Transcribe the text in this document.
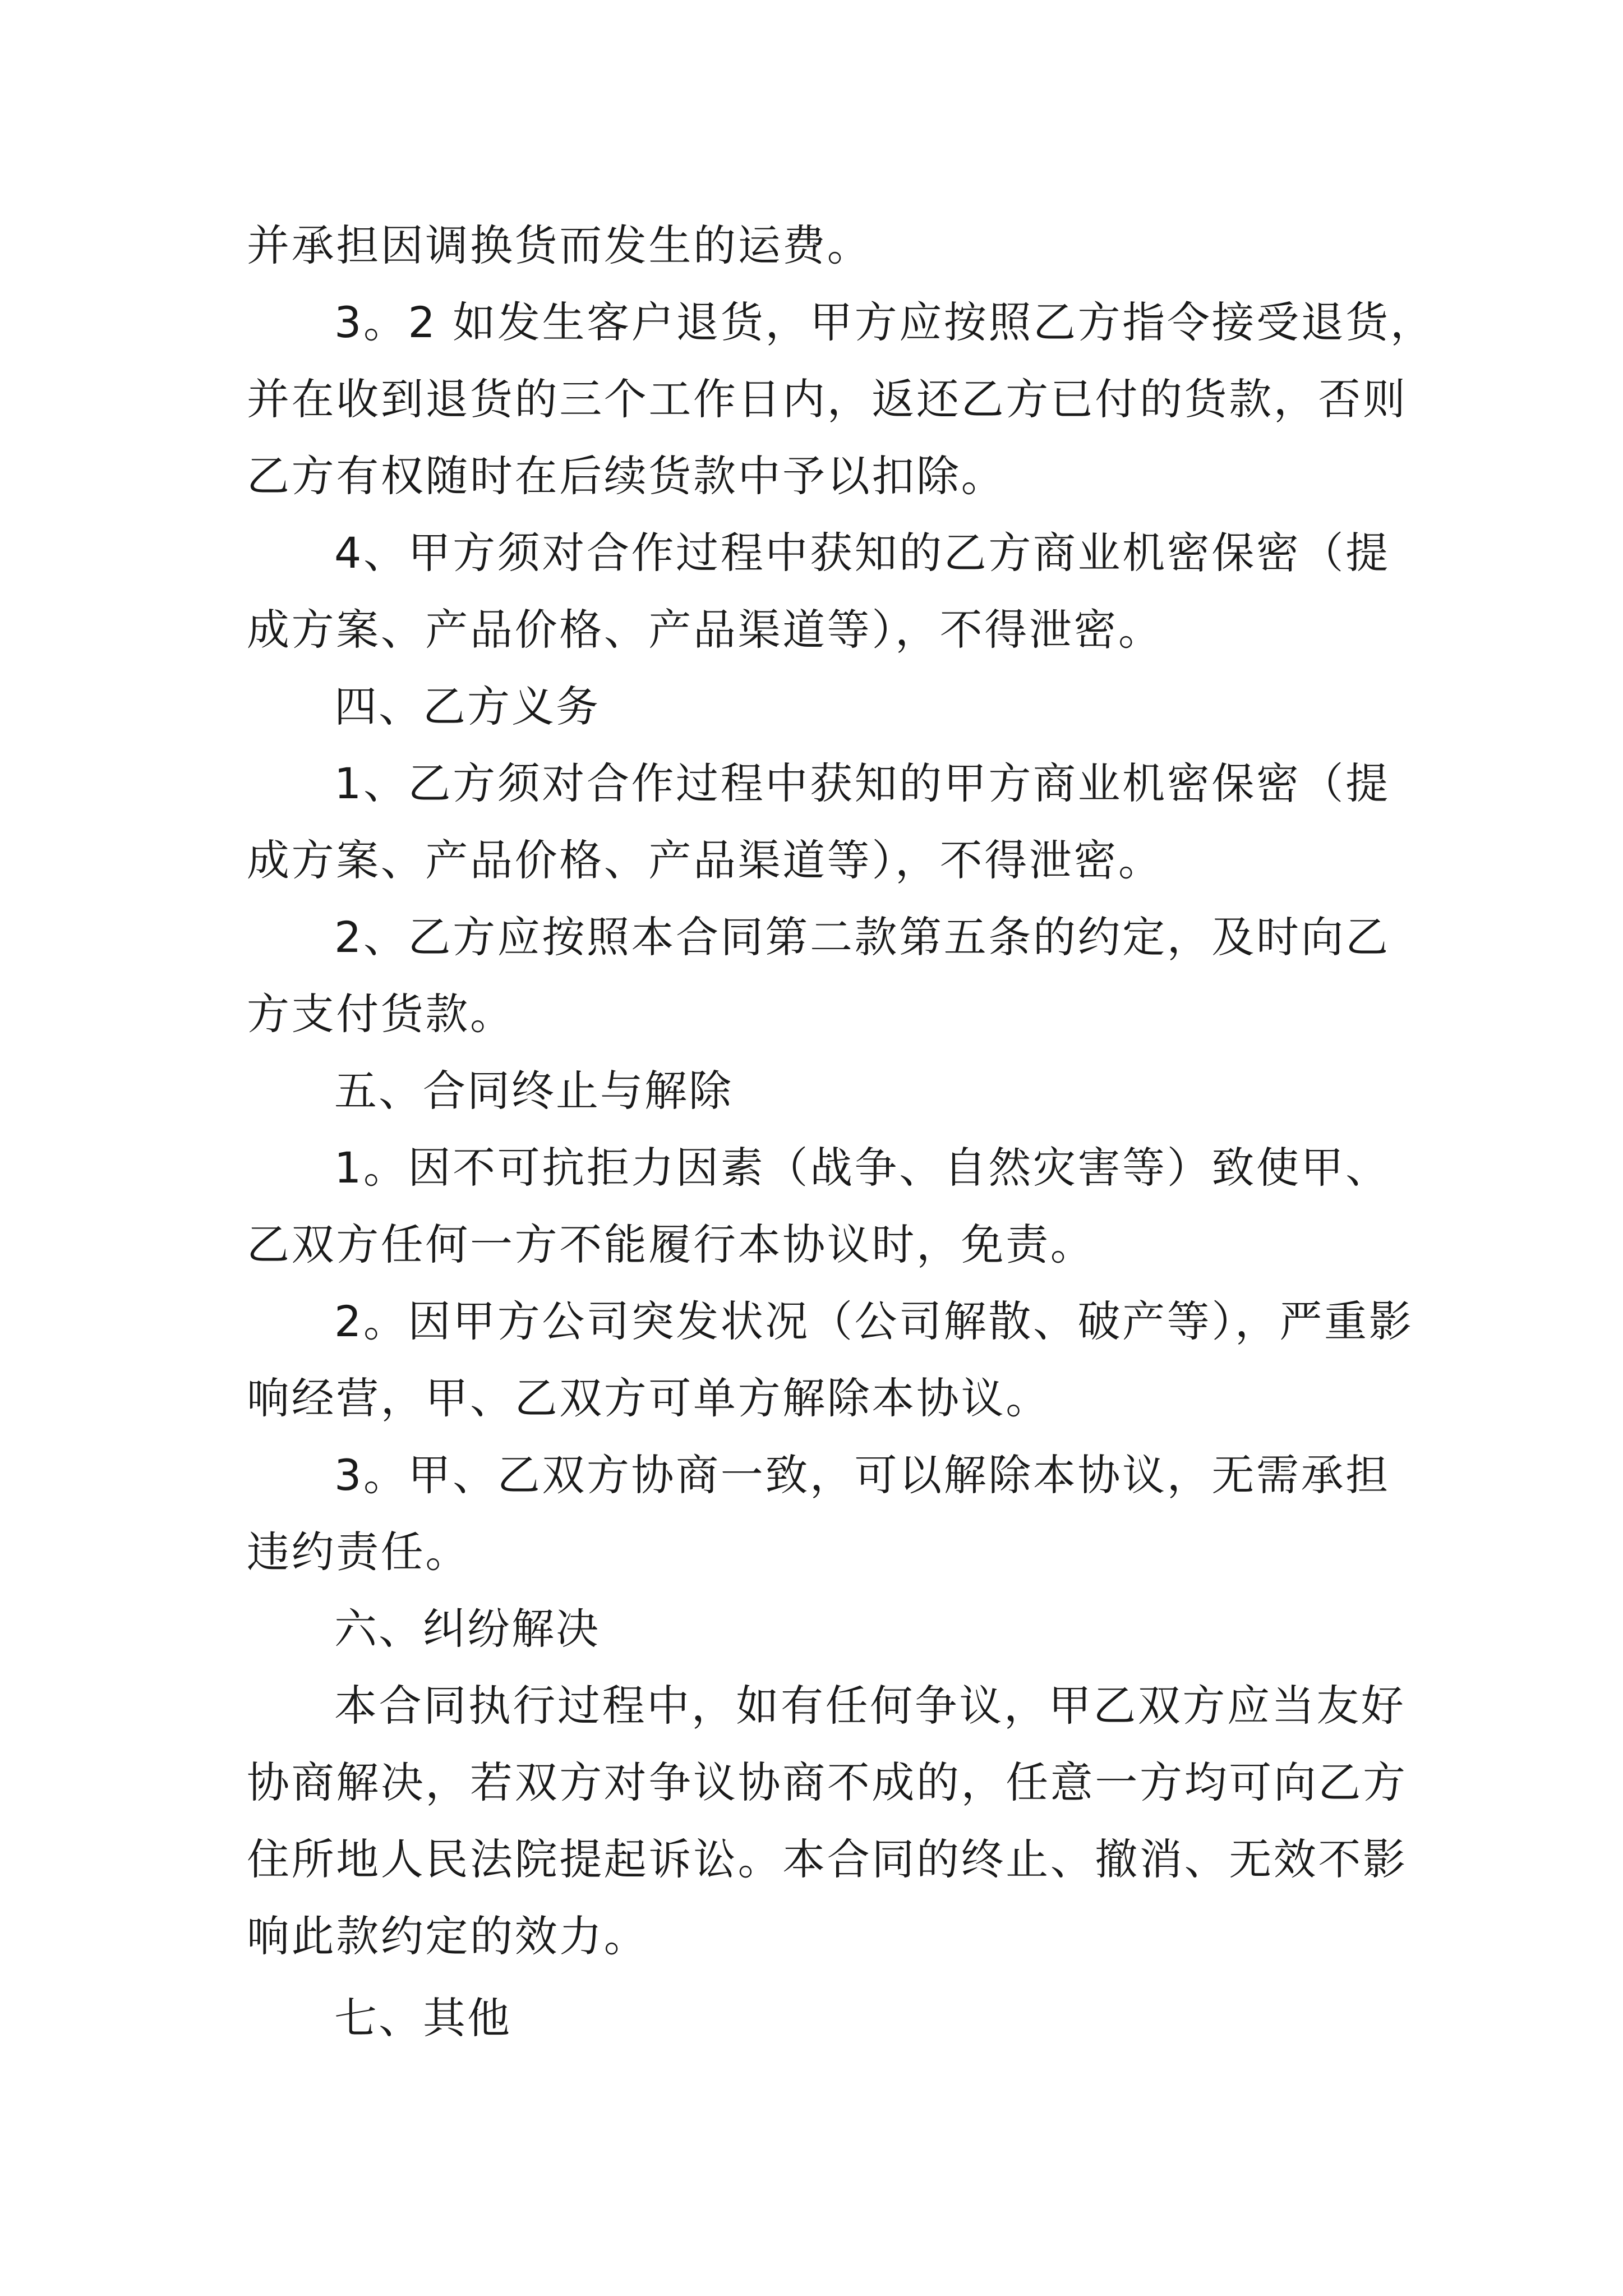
并承担因调换货而发生的运费。

3。2 如发生客户退货，甲方应按照乙方指令接受退货，

并在收到退货的三个工作日内，返还乙方已付的货款，否则

乙方有权随时在后续货款中予以扣除。

4、甲方须对合作过程中获知的乙方商业机密保密（提

成方案、产品价格、产品渠道等），不得泄密。

四、乙方义务

1、乙方须对合作过程中获知的甲方商业机密保密（提

成方案、产品价格、产品渠道等），不得泄密。

2、乙方应按照本合同第二款第五条的约定，及时向乙

方支付货款。

五、合同终止与解除

1。因不可抗拒力因素（战争、自然灾害等）致使甲、

乙双方任何一方不能履行本协议时，免责。

2。因甲方公司突发状况（公司解散、破产等），严重影

响经营，甲、乙双方可单方解除本协议。

3。甲、乙双方协商一致，可以解除本协议，无需承担

违约责任。

六、纠纷解决

本合同执行过程中，如有任何争议，甲乙双方应当友好

协商解决，若双方对争议协商不成的，任意一方均可向乙方

住所地人民法院提起诉讼。本合同的终止、撤消、无效不影

响此款约定的效力。

七、其他
